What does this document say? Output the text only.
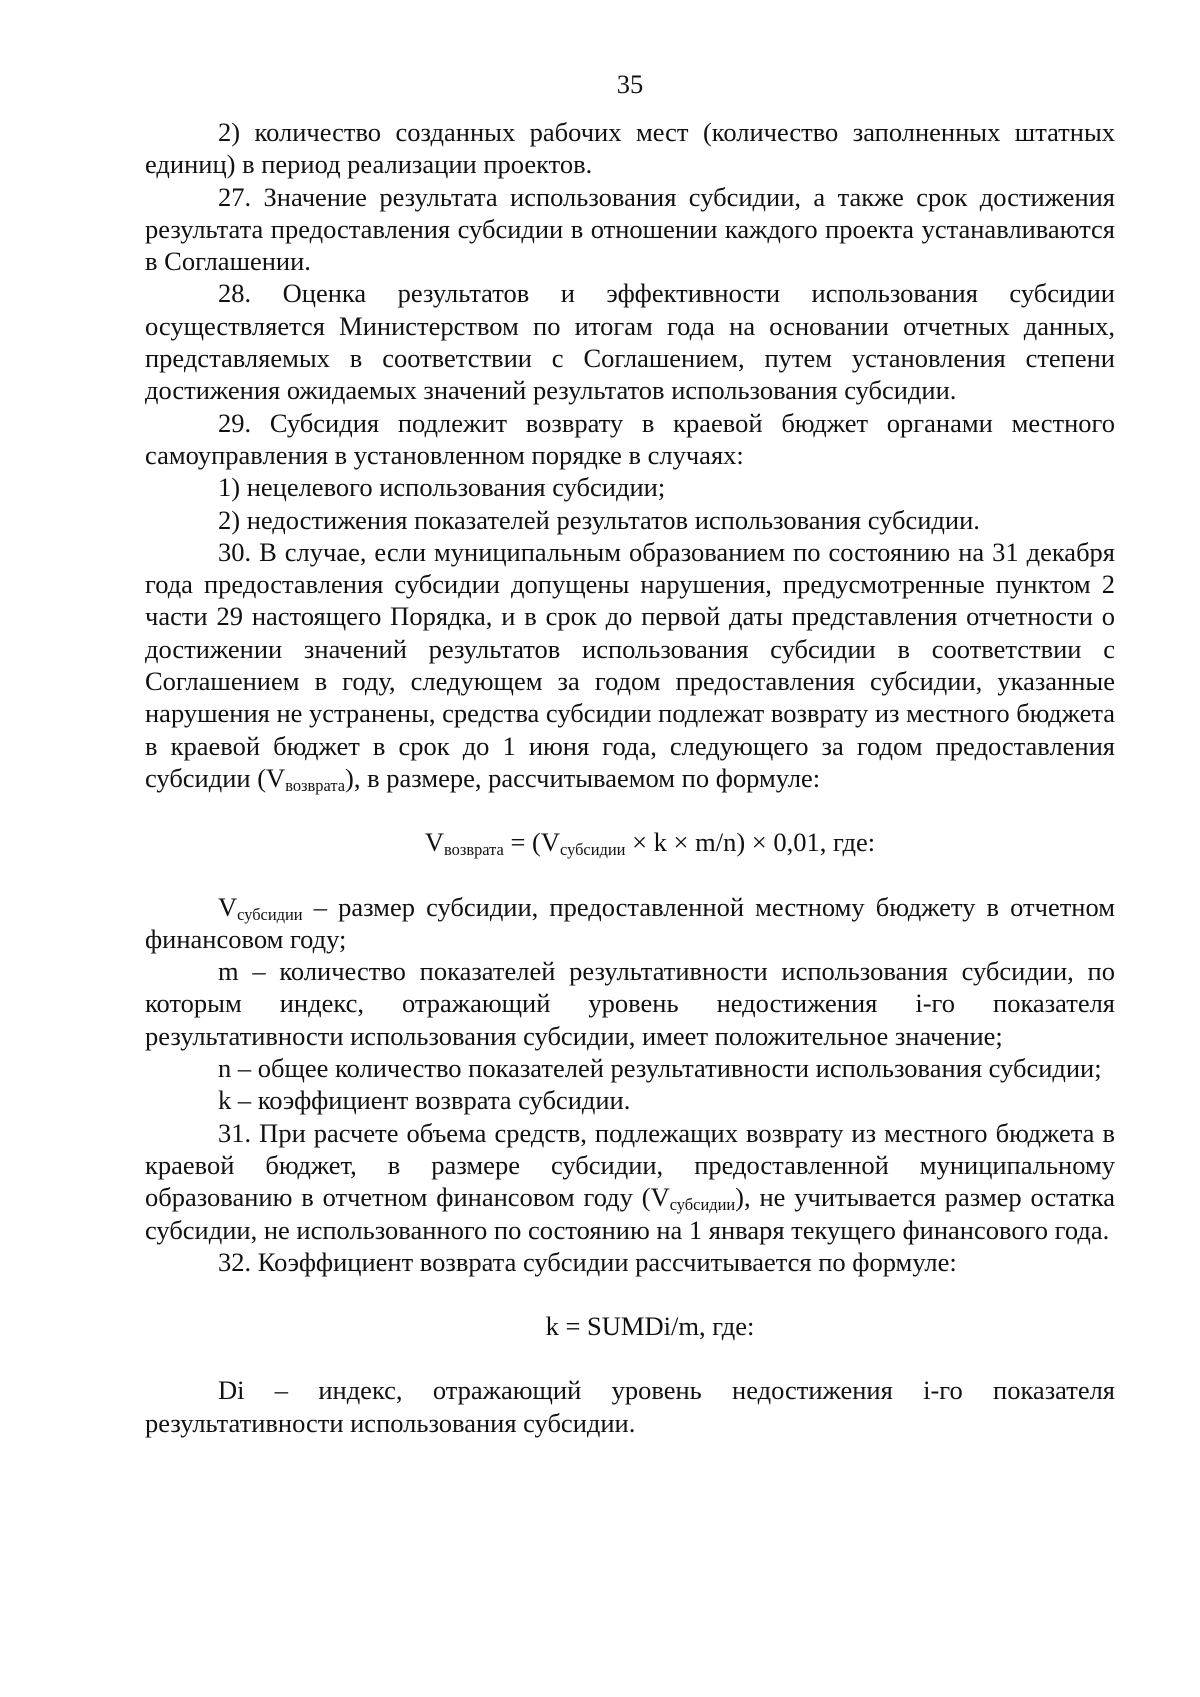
35

2) количество созданных рабочих мест (количество заполненных штатных единиц) в период реализации проектов.

27. Значение результата использования субсидии, а также срок достижения результата предоставления субсидии в отношении каждого проекта устанавливаются в Соглашении.

28. Оценка результатов и эффективности использования субсидии осуществляется Министерством по итогам года на основании отчетных данных, представляемых в соответствии с Соглашением, путем установления степени достижения ожидаемых значений результатов использования субсидии.

29. Субсидия подлежит возврату в краевой бюджет органами местного самоуправления в установленном порядке в случаях:

1) нецелевого использования субсидии;

2) недостижения показателей результатов использования субсидии.

30. В случае, если муниципальным образованием по состоянию на 31 декабря года предоставления субсидии допущены нарушения, предусмотренные пунктом 2 части 29 настоящего Порядка, и в срок до первой даты представления отчетности о достижении значений результатов использования субсидии в соответствии с Соглашением в году, следующем за годом предоставления субсидии, указанные нарушения не устранены, средства субсидии подлежат возврату из местного бюджета в краевой бюджет в срок до 1 июня года, следующего за годом предоставления субсидии $(V_{возврата})$, в размере, рассчитываемом по формуле:

$V_{возврата} = (V_{субсидии} \times k \times m/n) \times 0,01$, где:

$V_{субсидии}$ – размер субсидии, предоставленной местному бюджету в отчетном финансовом году;

m – количество показателей результативности использования субсидии, по которым индекс, отражающий уровень недостижения i-го показателя результативности использования субсидии, имеет положительное значение;

n – общее количество показателей результативности использования субсидии;

k – коэффициент возврата субсидии.

31. При расчете объема средств, подлежащих возврату из местного бюджета в краевой бюджет, в размере субсидии, предоставленной муниципальному образованию в отчетном финансовом году $(V_{субсидии})$, не учитывается размер остатка субсидии, не использованного по состоянию на 1 января текущего финансового года.

32. Коэффициент возврата субсидии рассчитывается по формуле:

k = SUMDi/m, где:

Di – индекс, отражающий уровень недостижения i-го показателя результативности использования субсидии.
